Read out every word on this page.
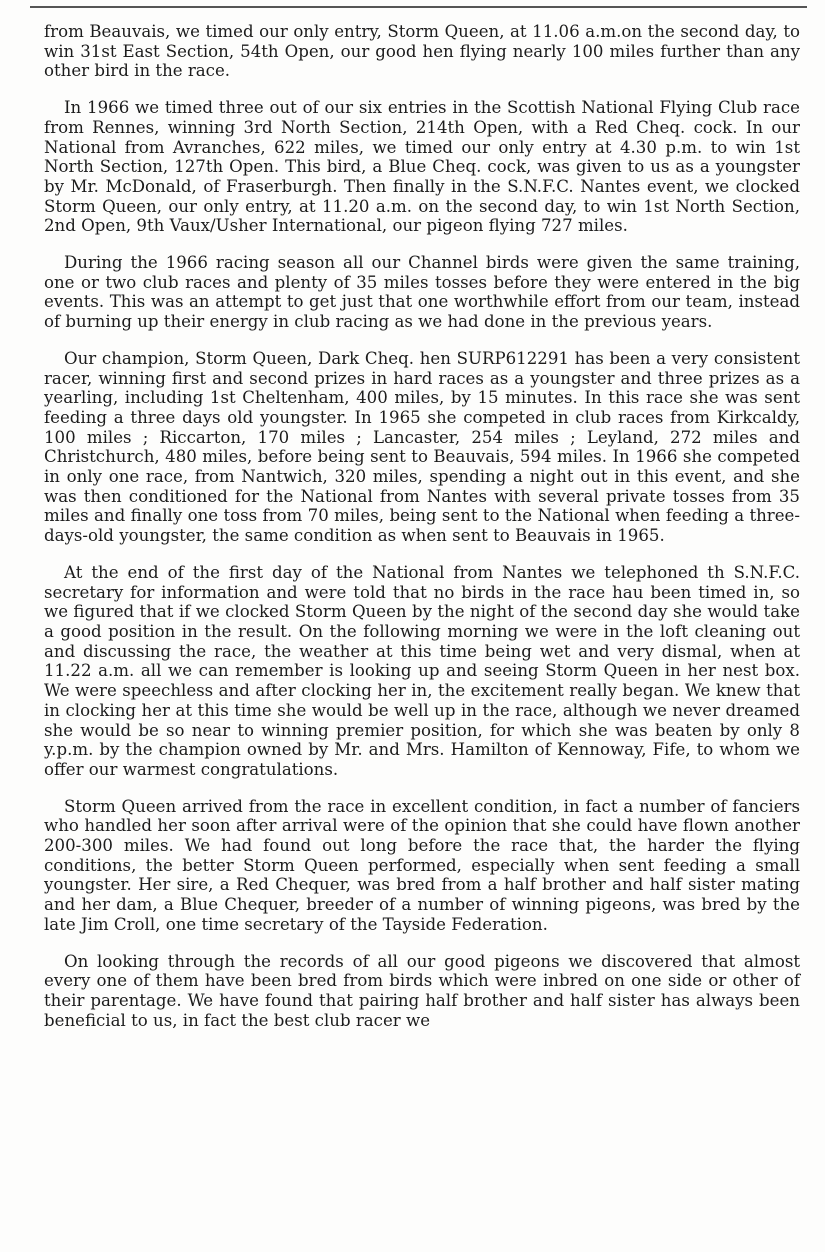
from Beauvais, we timed our only entry, Storm Queen, at 11.06 a.m.on the second day, to win 31st East Section, 54th Open, our good hen flying nearly 100 miles further than any other bird in the race.

In 1966 we timed three out of our six entries in the Scottish National Flying Club race from Rennes, winning 3rd North Section, 214th Open, with a Red Cheq. cock. In our National from Avranches, 622 miles, we timed our only entry at 4.30 p.m. to win 1st North Section, 127th Open. This bird, a Blue Cheq. cock, was given to us as a youngster by Mr. McDonald, of Fraserburgh. Then finally in the S.N.F.C. Nantes event, we clocked Storm Queen, our only entry, at 11.20 a.m. on the second day, to win 1st North Section, 2nd Open, 9th Vaux/Usher International, our pigeon flying 727 miles.

During the 1966 racing season all our Channel birds were given the same training, one or two club races and plenty of 35 miles tosses before they were entered in the big events. This was an attempt to get just that one worthwhile effort from our team, instead of burning up their energy in club racing as we had done in the previous years.

Our champion, Storm Queen, Dark Cheq. hen SURP612291 has been a very consistent racer, winning first and second prizes in hard races as a youngster and three prizes as a yearling, including 1st Cheltenham, 400 miles, by 15 minutes. In this race she was sent feeding a three days old youngster. In 1965 she competed in club races from Kirkcaldy, 100 miles ; Riccarton, 170 miles ; Lancaster, 254 miles ; Leyland, 272 miles and Christchurch, 480 miles, before being sent to Beauvais, 594 miles. In 1966 she competed in only one race, from Nantwich, 320 miles, spending a night out in this event, and she was then conditioned for the National from Nantes with several private tosses from 35 miles and finally one toss from 70 miles, being sent to the National when feeding a three-days-old youngster, the same condition as when sent to Beauvais in 1965.

At the end of the first day of the National from Nantes we telephoned th S.N.F.C. secretary for information and were told that no birds in the race hau been timed in, so we figured that if we clocked Storm Queen by the night of the second day she would take a good position in the result. On the following morning we were in the loft cleaning out and discussing the race, the weather at this time being wet and very dismal, when at 11.22 a.m. all we can remember is looking up and seeing Storm Queen in her nest box. We were speechless and after clocking her in, the excitement really began. We knew that in clocking her at this time she would be well up in the race, although we never dreamed she would be so near to winning premier position, for which she was beaten by only 8 y.p.m. by the champion owned by Mr. and Mrs. Hamilton of Kennoway, Fife, to whom we offer our warmest congratulations.

Storm Queen arrived from the race in excellent condition, in fact a number of fanciers who handled her soon after arrival were of the opinion that she could have flown another 200-300 miles. We had found out long before the race that, the harder the flying conditions, the better Storm Queen performed, especially when sent feeding a small youngster. Her sire, a Red Chequer, was bred from a half brother and half sister mating and her dam, a Blue Chequer, breeder of a number of winning pigeons, was bred by the late Jim Croll, one time secretary of the Tayside Federation.

On looking through the records of all our good pigeons we discovered that almost every one of them have been bred from birds which were inbred on one side or other of their parentage. We have found that pairing half brother and half sister has always been beneficial to us, in fact the best club racer we
